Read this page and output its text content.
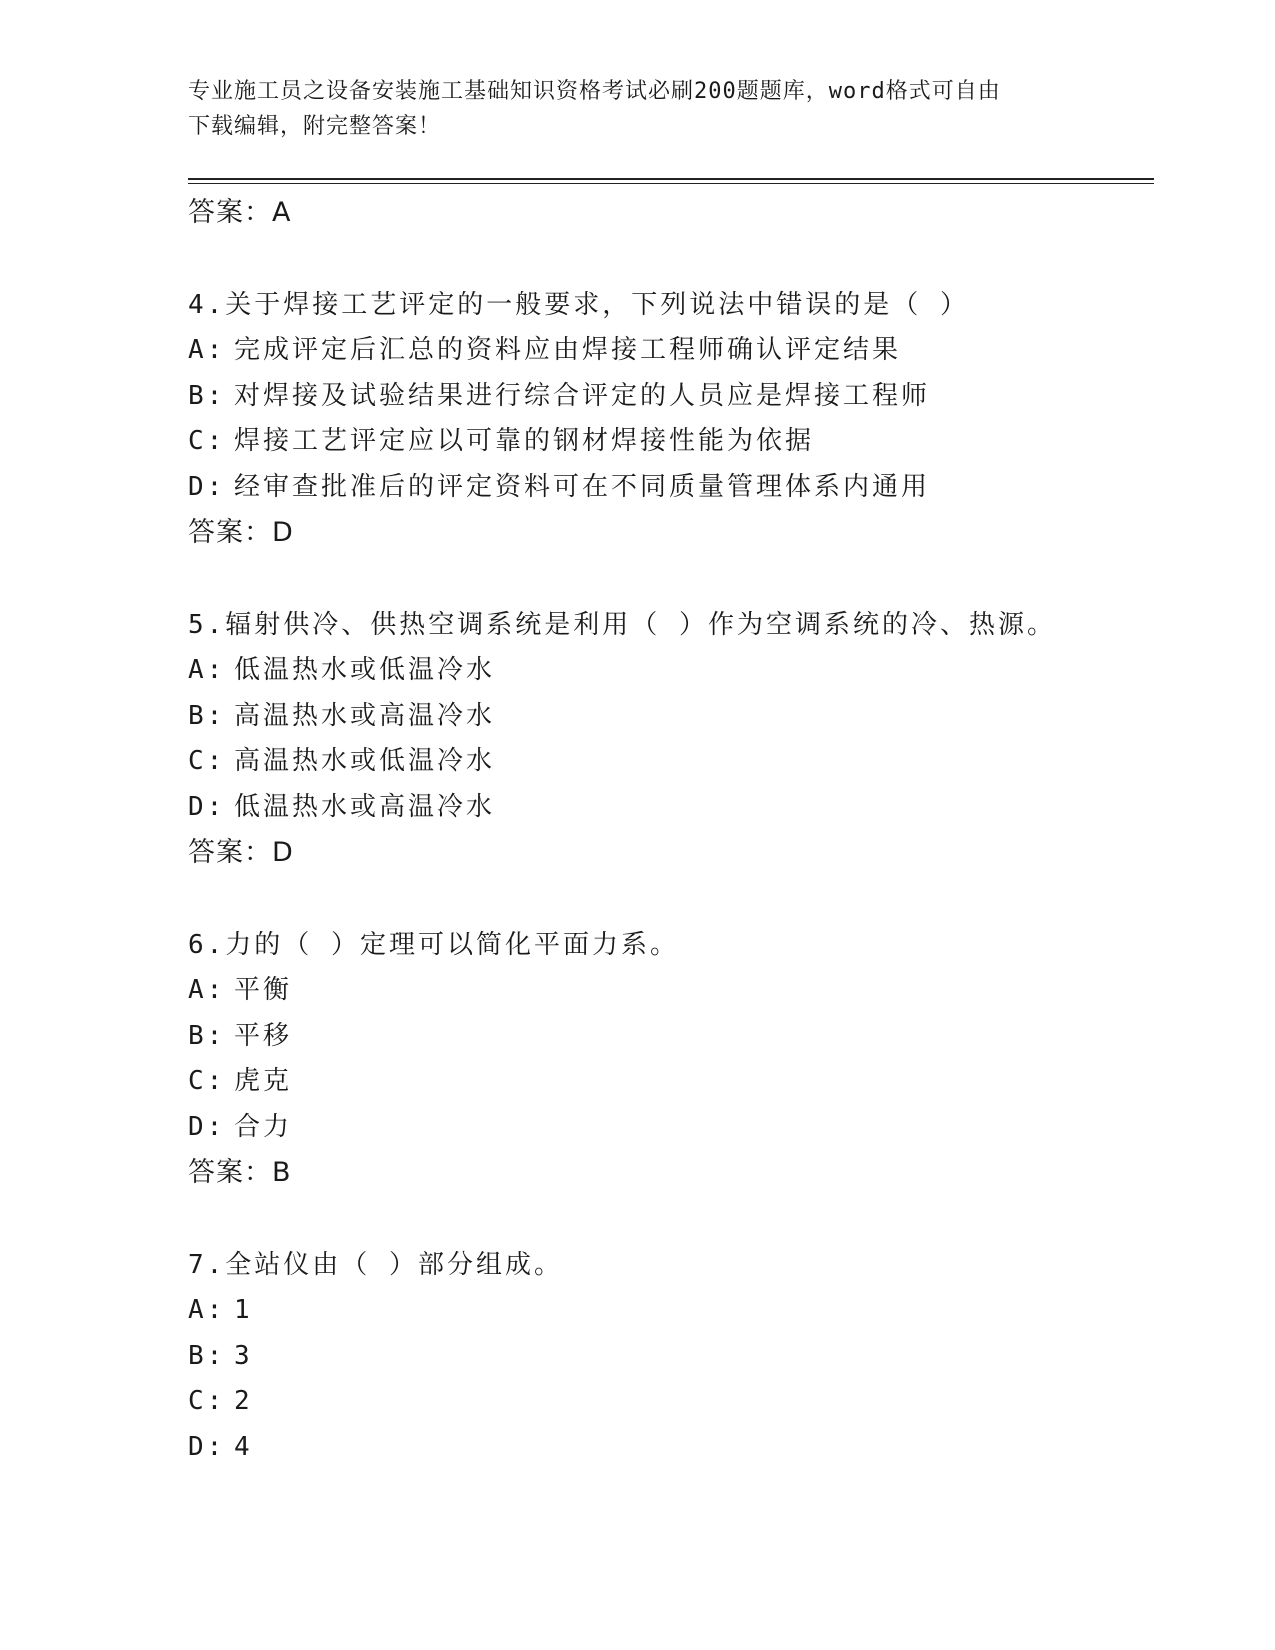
专业施工员之设备安装施工基础知识资格考试必刷200题题库，word格式可自由
下载编辑，附完整答案！
答案：A
4.关于焊接工艺评定的一般要求，下列说法中错误的是（ ）
A: 完成评定后汇总的资料应由焊接工程师确认评定结果
B: 对焊接及试验结果进行综合评定的人员应是焊接工程师
C: 焊接工艺评定应以可靠的钢材焊接性能为依据
D: 经审查批准后的评定资料可在不同质量管理体系内通用
答案：D
5.辐射供冷、供热空调系统是利用（ ）作为空调系统的冷、热源。
A: 低温热水或低温冷水
B: 高温热水或高温冷水
C: 高温热水或低温冷水
D: 低温热水或高温冷水
答案：D
6.力的（ ）定理可以简化平面力系。
A: 平衡
B: 平移
C: 虎克
D: 合力
答案：B
7.全站仪由（ ）部分组成。
A: 1
B: 3
C: 2
D: 4
